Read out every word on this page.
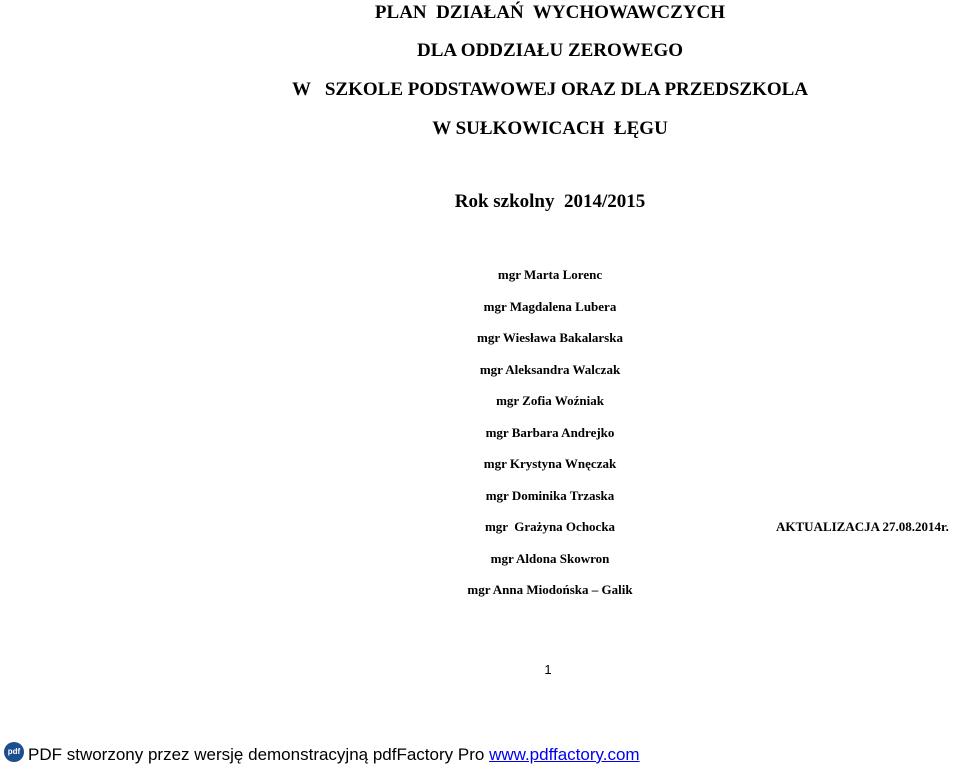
PLAN  DZIAŁAŃ  WYCHOWAWCZYCH
DLA ODDZIAŁU ZEROWEGO
W   SZKOLE PODSTAWOWEJ ORAZ DLA PRZEDSZKOLA
W SUŁKOWICACH  ŁĘGU
Rok szkolny  2014/2015
mgr Marta Lorenc
mgr Magdalena Lubera
mgr Wiesława Bakalarska
mgr Aleksandra Walczak
mgr Zofia Woźniak
mgr Barbara Andrejko
mgr Krystyna Wnęczak
mgr Dominika Trzaska
mgr  Grażyna Ochocka
mgr Aldona Skowron
mgr Anna Miodońska – Galik
AKTUALIZACJA 27.08.2014r.
1
pdf PDF stworzony przez wersję demonstracyjną pdfFactory Pro www.pdffactory.com
